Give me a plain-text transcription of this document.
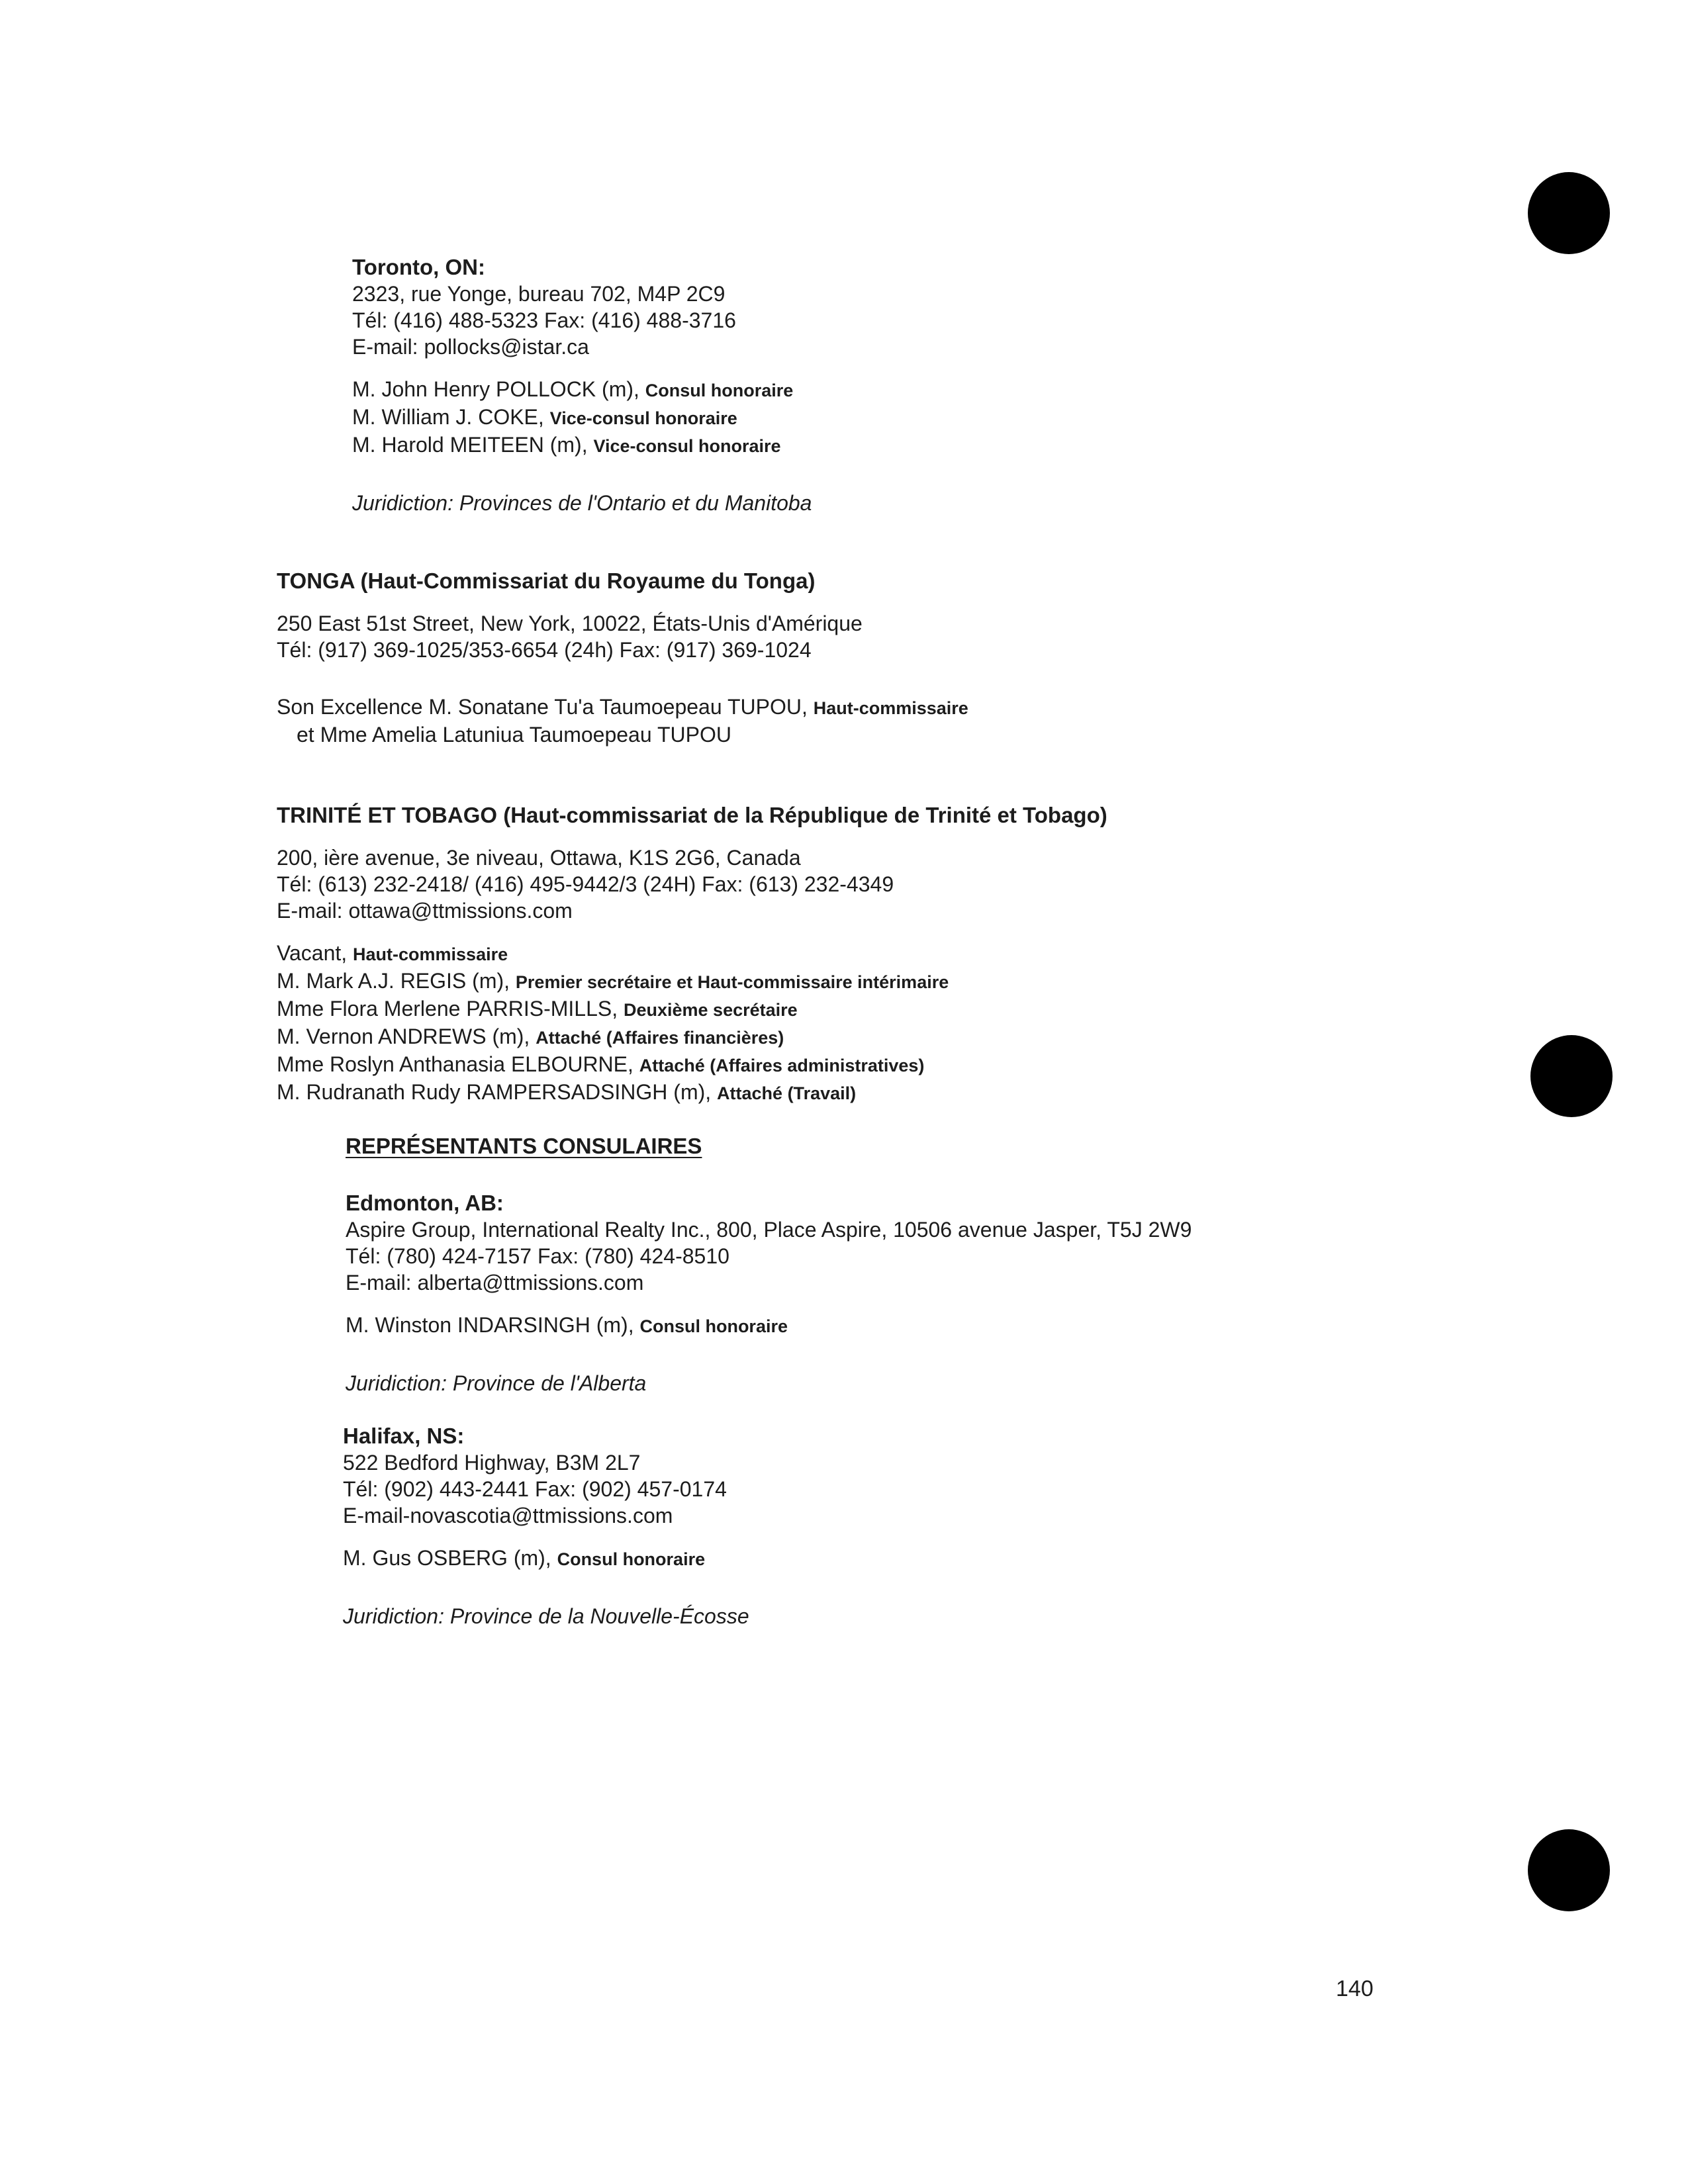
Toronto, ON:
2323, rue Yonge, bureau 702, M4P 2C9
Tél: (416) 488-5323 Fax: (416) 488-3716
E-mail: pollocks@istar.ca
M. John Henry POLLOCK (m), Consul honoraire
M. William J. COKE, Vice-consul honoraire
M. Harold MEITEEN (m), Vice-consul honoraire
Juridiction: Provinces de l'Ontario et du Manitoba
TONGA (Haut-Commissariat du Royaume du Tonga)
250 East 51st Street, New York, 10022, États-Unis d'Amérique
Tél: (917) 369-1025/353-6654 (24h) Fax: (917) 369-1024
Son Excellence M. Sonatane Tu'a Taumoepeau TUPOU, Haut-commissaire
et Mme Amelia Latuniua Taumoepeau TUPOU
TRINITÉ ET TOBAGO (Haut-commissariat de la République de Trinité et Tobago)
200, ière avenue, 3e niveau, Ottawa, K1S 2G6, Canada
Tél: (613) 232-2418/ (416) 495-9442/3 (24H) Fax: (613) 232-4349
E-mail: ottawa@ttmissions.com
Vacant, Haut-commissaire
M. Mark A.J. REGIS (m), Premier secrétaire et Haut-commissaire intérimaire
Mme Flora Merlene PARRIS-MILLS, Deuxième secrétaire
M. Vernon ANDREWS (m), Attaché (Affaires financières)
Mme Roslyn Anthanasia ELBOURNE, Attaché (Affaires administratives)
M. Rudranath Rudy RAMPERSADSINGH (m), Attaché (Travail)
REPRÉSENTANTS CONSULAIRES
Edmonton, AB:
Aspire Group, International Realty Inc., 800, Place Aspire, 10506 avenue Jasper, T5J 2W9
Tél: (780) 424-7157 Fax: (780) 424-8510
E-mail: alberta@ttmissions.com
M. Winston INDARSINGH (m), Consul honoraire
Juridiction: Province de l'Alberta
Halifax, NS:
522 Bedford Highway, B3M 2L7
Tél: (902) 443-2441 Fax: (902) 457-0174
E-mail-novascotia@ttmissions.com
M. Gus OSBERG (m), Consul honoraire
Juridiction: Province de la Nouvelle-Écosse
140
